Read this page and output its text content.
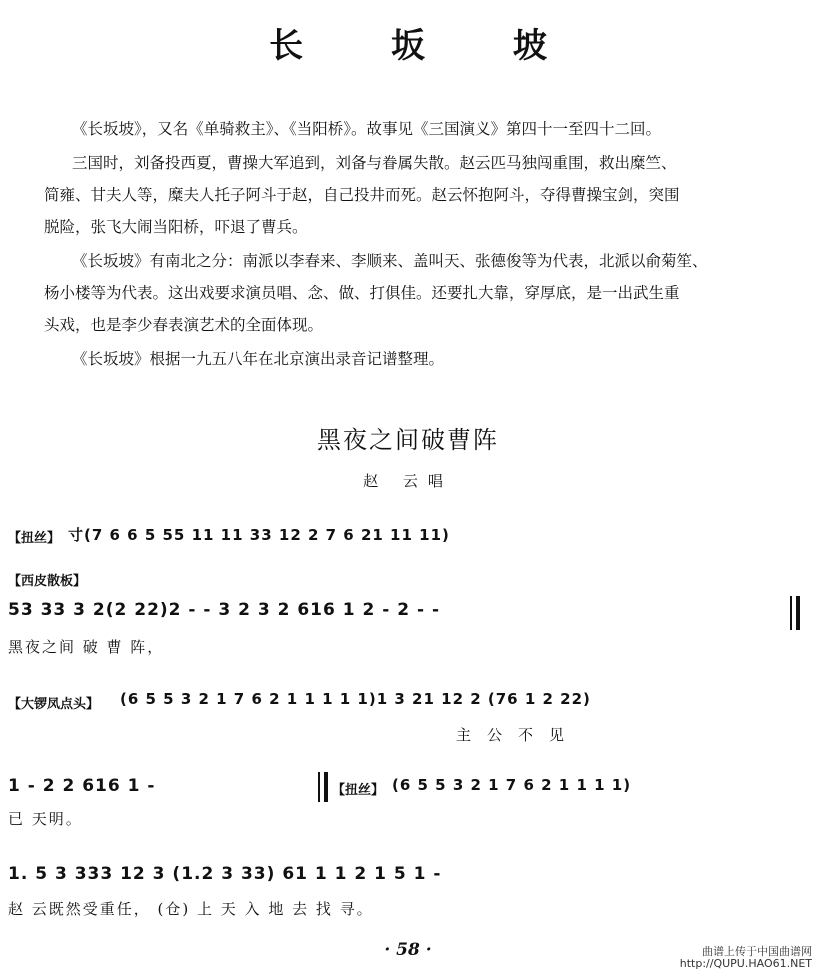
长 坂 坡
《长坂坡》，又名《单骑救主》、《当阳桥》。故事见《三国演义》第四十一至四十二回。
三国时，刘备投西夏，曹操大军追到，刘备与眷属失散。赵云匹马独闯重围，救出糜竺、
简雍、甘夫人等，糜夫人托子阿斗于赵，自己投井而死。赵云怀抱阿斗，夺得曹操宝剑，突围
脱险，张飞大闹当阳桥，吓退了曹兵。
《长坂坡》有南北之分：南派以李春来、李顺来、盖叫天、张德俊等为代表，北派以俞菊笙、
杨小楼等为代表。这出戏要求演员唱、念、做、打俱佳。还要扎大靠，穿厚底，是一出武生重
头戏，也是李少春表演艺术的全面体现。
《长坂坡》根据一九五八年在北京演出录音记谱整理。
黑夜之间破曹阵
赵 云唱
【扭丝】 寸(7 6 6 5 55 11 11 33 12 2 7 6 21 11 11)
【西皮散板】
53 33 3 2(2 22)2 - - 3 2 3 2 616 1 2 - 2 - -
黑夜之间 破 曹 阵，
【大锣凤点头】 (6 5 5 3 2 1 7 6 2 1 1 1 1 1)1 3 21 12 2 (76 1 2 22)
主公不见
1 - 2 2 616 1 -	【扭丝】 (6 5 5 3 2 1 7 6 2 1 1 1 1)
已 天明。
1. 5 3 333 12 3 (1.2 3 33) 61 1 1 2 1 5 1 -
赵 云既然受重任， (仓) 上 天 入 地 去 找 寻。
· 58 ·	曲谱上传于中国曲谱网
http://QUPU.HAO61.NET
